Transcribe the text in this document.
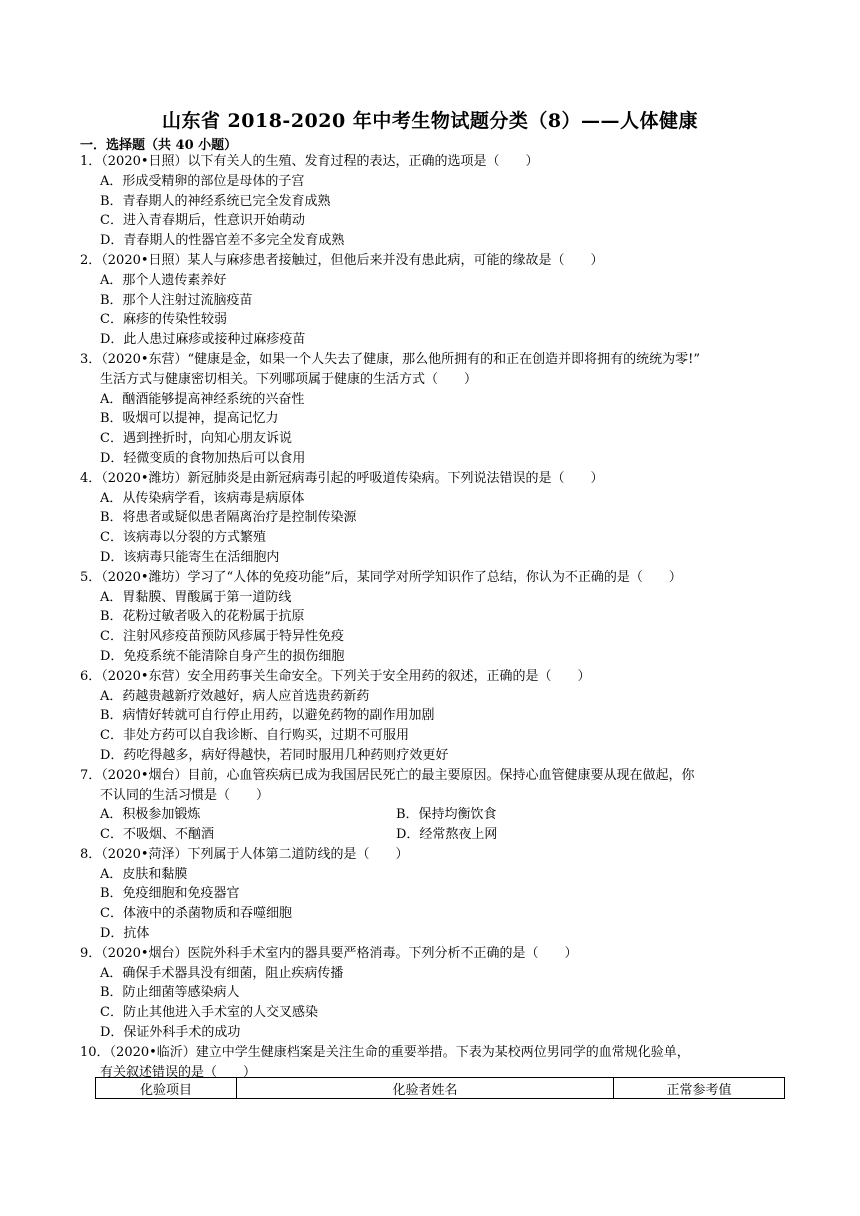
山东省 2018-2020 年中考生物试题分类（8）——人体健康
一．选择题（共 40 小题）
1．（2020•日照）以下有关人的生殖、发育过程的表达，正确的选项是（　　）
A．形成受精卵的部位是母体的子宫
B．青春期人的神经系统已完全发育成熟
C．进入青春期后，性意识开始萌动
D．青春期人的性器官差不多完全发育成熟
2．（2020•日照）某人与麻疹患者接触过，但他后来并没有患此病，可能的缘故是（　　）
A．那个人遗传素养好
B．那个人注射过流脑疫苗
C．麻疹的传染性较弱
D．此人患过麻疹或接种过麻疹疫苗
3．（2020•东营）“健康是金，如果一个人失去了健康，那么他所拥有的和正在创造并即将拥有的统统为零!”
生活方式与健康密切相关。下列哪项属于健康的生活方式（　　）
A．酗酒能够提高神经系统的兴奋性
B．吸烟可以提神，提高记忆力
C．遇到挫折时，向知心朋友诉说
D．轻微变质的食物加热后可以食用
4．（2020•潍坊）新冠肺炎是由新冠病毒引起的呼吸道传染病。下列说法错误的是（　　）
A．从传染病学看，该病毒是病原体
B．将患者或疑似患者隔离治疗是控制传染源
C．该病毒以分裂的方式繁殖
D．该病毒只能寄生在活细胞内
5．（2020•潍坊）学习了“人体的免疫功能”后，某同学对所学知识作了总结，你认为不正确的是（　　）
A．胃黏膜、胃酸属于第一道防线
B．花粉过敏者吸入的花粉属于抗原
C．注射风疹疫苗预防风疹属于特异性免疫
D．免疫系统不能清除自身产生的损伤细胞
6．（2020•东营）安全用药事关生命安全。下列关于安全用药的叙述，正确的是（　　）
A．药越贵越新疗效越好，病人应首选贵药新药
B．病情好转就可自行停止用药，以避免药物的副作用加剧
C．非处方药可以自我诊断、自行购买，过期不可服用
D．药吃得越多，病好得越快，若同时服用几种药则疗效更好
7．（2020•烟台）目前，心血管疾病已成为我国居民死亡的最主要原因。保持心血管健康要从现在做起，你
不认同的生活习惯是（　　）
A．积极参加锻炼	B．保持均衡饮食
C．不吸烟、不酗酒	D．经常熬夜上网
8．（2020•菏泽）下列属于人体第二道防线的是（　　）
A．皮肤和黏膜
B．免疫细胞和免疫器官
C．体液中的杀菌物质和吞噬细胞
D．抗体
9．（2020•烟台）医院外科手术室内的器具要严格消毒。下列分析不正确的是（　　）
A．确保手术器具没有细菌，阻止疾病传播
B．防止细菌等感染病人
C．防止其他进入手术室的人交叉感染
D．保证外科手术的成功
10．（2020•临沂）建立中学生健康档案是关注生命的重要举措。下表为某校两位男同学的血常规化验单，
有关叙述错误的是（　　）
化验项目	化验者姓名	正常参考值
